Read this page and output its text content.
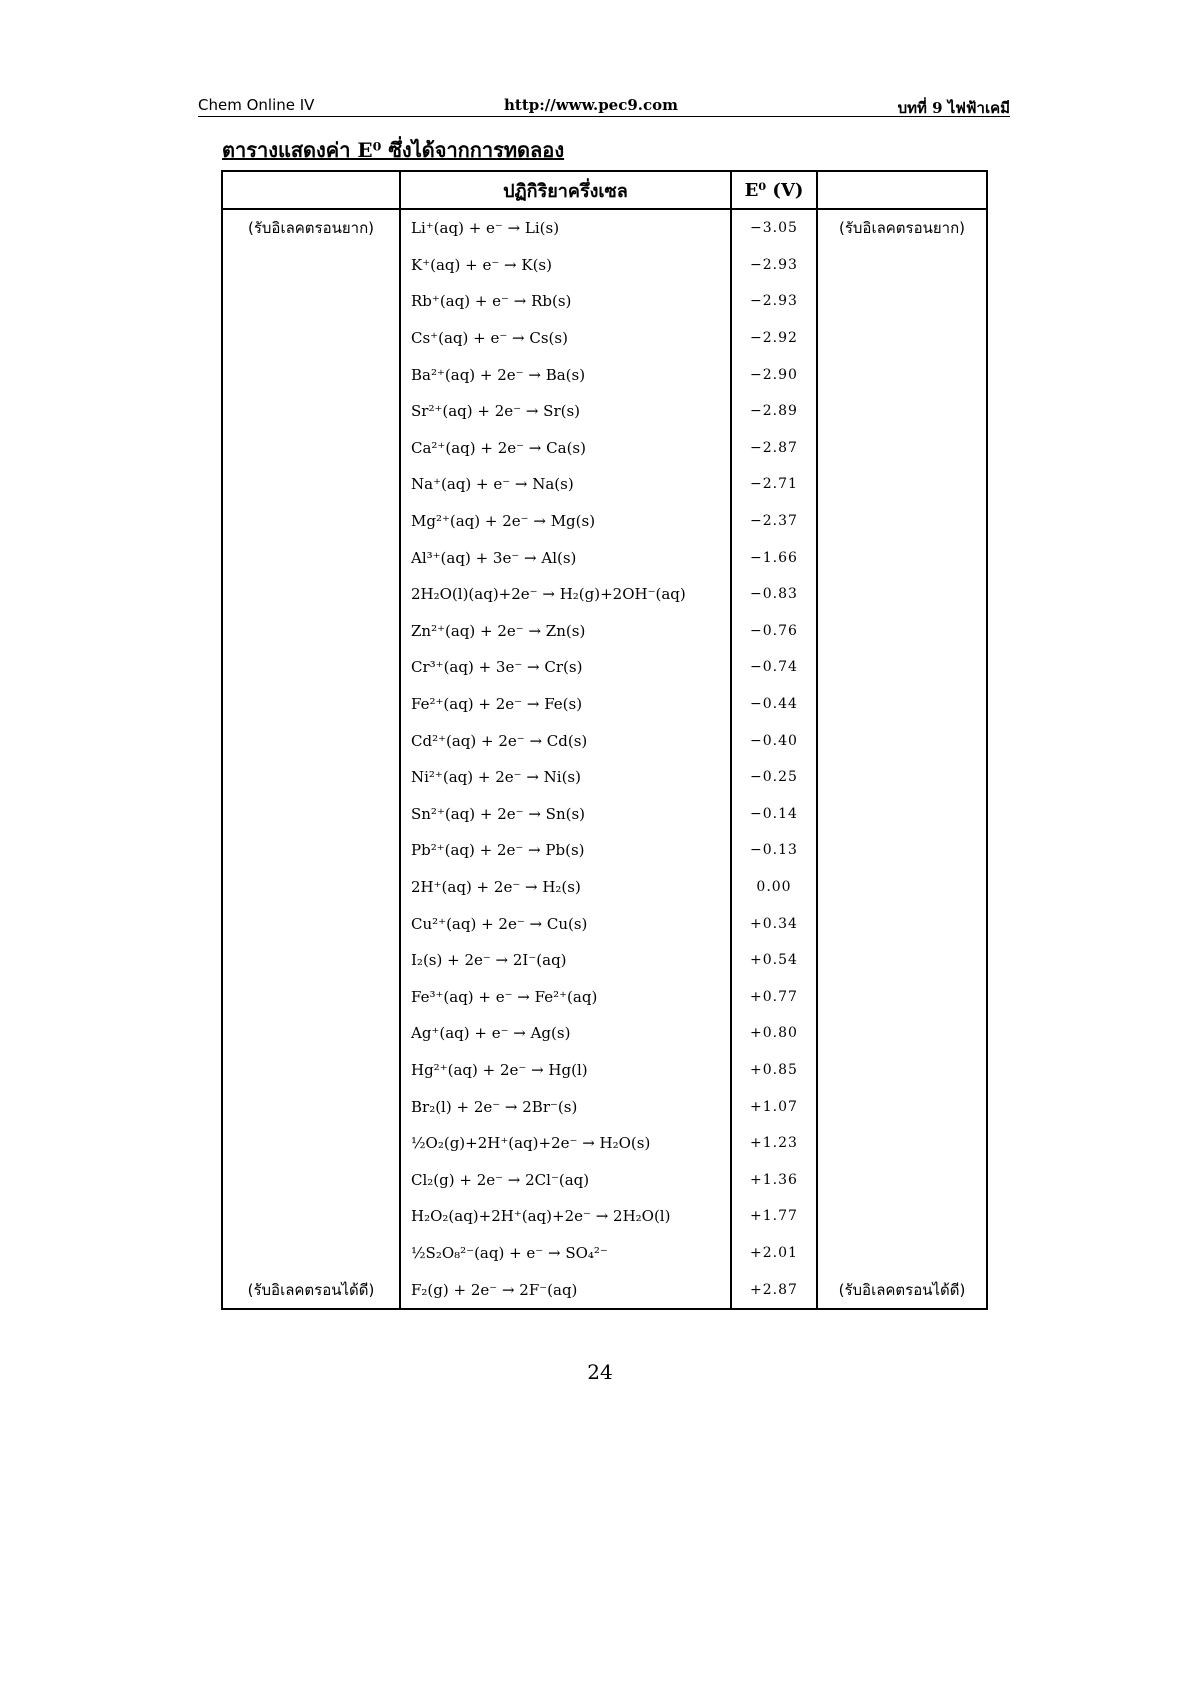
Chem Online IV	http://www.pec9.com	บทที่ 9 ไฟฟ้าเคมี
ตารางแสดงค่า E⁰ ซึ่งได้จากการทดลอง
	ปฏิกิริยาครึ่งเซล	E⁰ (V)	
(รับอิเลคตรอนยาก)	Li⁺(aq) + e⁻ → Li(s)	−3.05	(รับอิเลคตรอนยาก)
	K⁺(aq) + e⁻ → K(s)	−2.93	
	Rb⁺(aq) + e⁻ → Rb(s)	−2.93	
	Cs⁺(aq) + e⁻ → Cs(s)	−2.92	
	Ba²⁺(aq) + 2e⁻ → Ba(s)	−2.90	
	Sr²⁺(aq) + 2e⁻ → Sr(s)	−2.89	
	Ca²⁺(aq) + 2e⁻ → Ca(s)	−2.87	
	Na⁺(aq) + e⁻ → Na(s)	−2.71	
	Mg²⁺(aq) + 2e⁻ → Mg(s)	−2.37	
	Al³⁺(aq) + 3e⁻ → Al(s)	−1.66	
	2H₂O(l)(aq)+2e⁻ → H₂(g)+2OH⁻(aq)	−0.83	
	Zn²⁺(aq) + 2e⁻ → Zn(s)	−0.76	
	Cr³⁺(aq) + 3e⁻ → Cr(s)	−0.74	
	Fe²⁺(aq) + 2e⁻ → Fe(s)	−0.44	
	Cd²⁺(aq) + 2e⁻ → Cd(s)	−0.40	
	Ni²⁺(aq) + 2e⁻ → Ni(s)	−0.25	
	Sn²⁺(aq) + 2e⁻ → Sn(s)	−0.14	
	Pb²⁺(aq) + 2e⁻ → Pb(s)	−0.13	
	2H⁺(aq) + 2e⁻ → H₂(s)	0.00	
	Cu²⁺(aq) + 2e⁻ → Cu(s)	+0.34	
	I₂(s) + 2e⁻ → 2I⁻(aq)	+0.54	
	Fe³⁺(aq) + e⁻ → Fe²⁺(aq)	+0.77	
	Ag⁺(aq) + e⁻ → Ag(s)	+0.80	
	Hg²⁺(aq) + 2e⁻ → Hg(l)	+0.85	
	Br₂(l) + 2e⁻ → 2Br⁻(s)	+1.07	
	½O₂(g)+2H⁺(aq)+2e⁻ → H₂O(s)	+1.23	
	Cl₂(g) + 2e⁻ → 2Cl⁻(aq)	+1.36	
	H₂O₂(aq)+2H⁺(aq)+2e⁻ → 2H₂O(l)	+1.77	
	½S₂O₈²⁻(aq) + e⁻ → SO₄²⁻	+2.01	
(รับอิเลคตรอนได้ดี)	F₂(g) + 2e⁻ → 2F⁻(aq)	+2.87	(รับอิเลคตรอนได้ดี)
24
